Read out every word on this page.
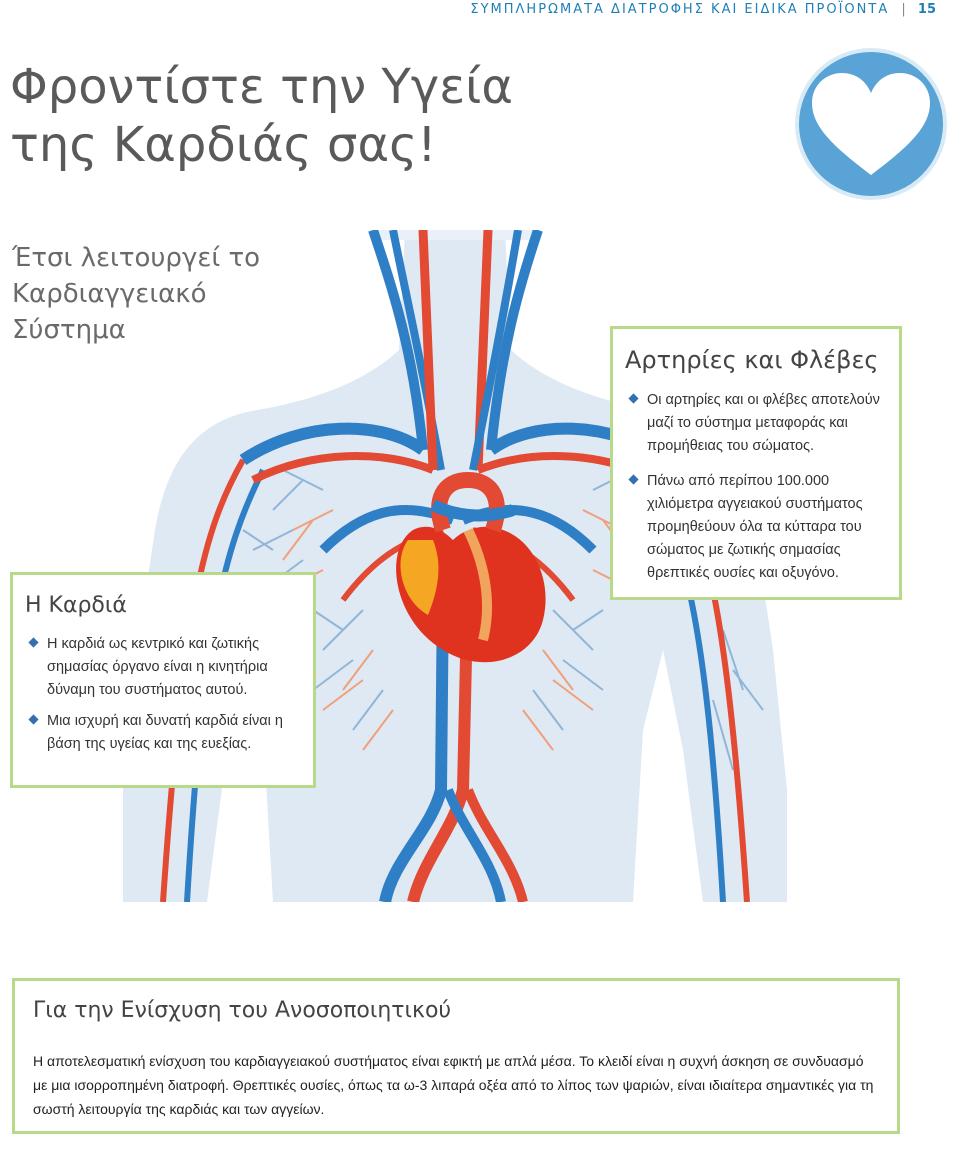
ΣΥΜΠΛΗΡΩΜΑΤΑ ΔΙΑΤΡΟΦΗΣ ΚΑΙ ΕΙΔΙΚΑ ΠΡΟΪΟΝΤΑ | 15
Φροντίστε την Υγεία
της Καρδιάς σας!
Έτσι λειτουργεί το
Καρδιαγγειακό
Σύστημα
Αρτηρίες και Φλέβες
Οι αρτηρίες και οι φλέβες αποτελούν μαζί το σύστημα μεταφοράς και προμήθειας του σώματος.
Πάνω από περίπου 100.000 χιλιόμετρα αγγειακού συστήματος προμηθεύουν όλα τα κύτταρα του σώματος με ζωτικής σημασίας θρεπτικές ουσίες και οξυγόνο.
Η Καρδιά
Η καρδιά ως κεντρικό και ζωτικής σημασίας όργανο είναι η κινητήρια δύναμη του συστήματος αυτού.
Μια ισχυρή και δυνατή καρδιά είναι η βάση της υγείας και της ευεξίας.
Για την Ενίσχυση του Ανοσοποιητικού

Η αποτελεσματική ενίσχυση του καρδιαγγειακού συστήματος είναι εφικτή με απλά μέσα. Το κλειδί είναι η συχνή άσκηση σε συνδυασμό με μια ισορροπημένη διατροφή. Θρεπτικές ουσίες, όπως τα ω-3 λιπαρά οξέα από το λίπος των ψαριών, είναι ιδιαίτερα σημαντικές για τη σωστή λειτουργία της καρδιάς και των αγγείων.
